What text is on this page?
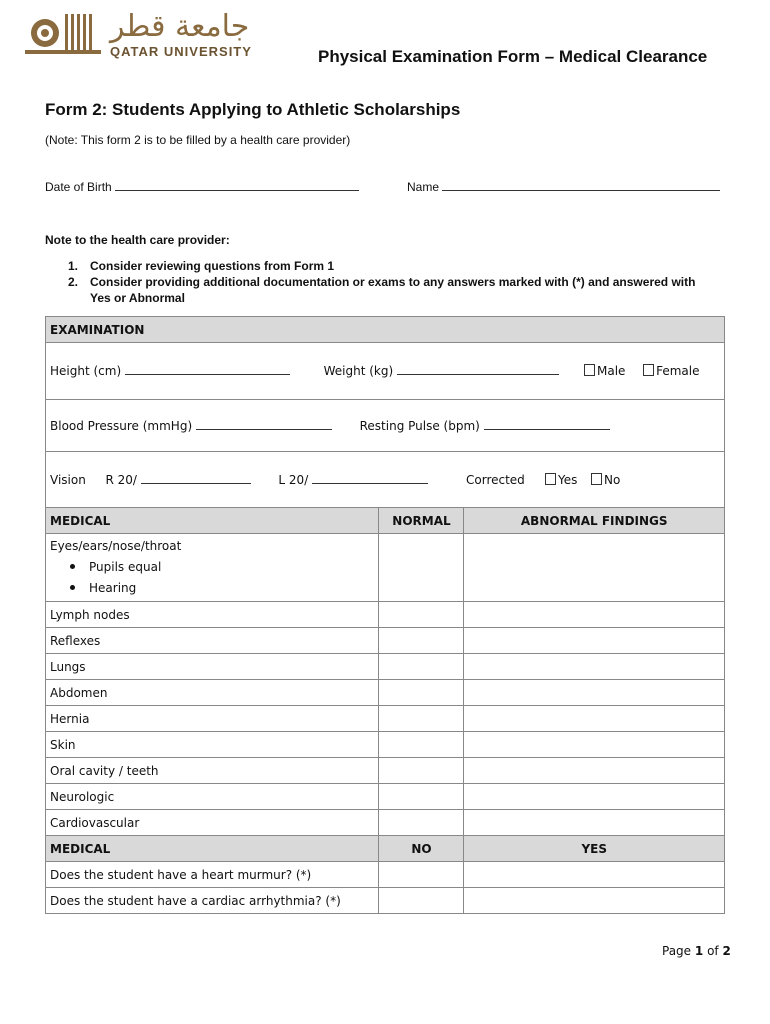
جامعة قطر
QATAR UNIVERSITY	Physical Examination Form – Medical Clearance
Form 2: Students Applying to Athletic Scholarships
(Note: This form 2 is to be filled by a health care provider)
Date of Birth	Name
Note to the health care provider:
1. Consider reviewing questions from Form 1
2. Consider providing additional documentation or exams to any answers marked with (*) and answered with Yes or Abnormal
EXAMINATION		
Height (cm) Weight (kg) Male Female		

Blood Pressure (mmHg) Resting Pulse (bpm)		
Vision R 20/ L 20/ Corrected Yes No		

MEDICAL	NORMAL	ABNORMAL FINDINGS

Eyes/ears/nose/throat
Pupils equal
Hearing		

Lymph nodes		
Reflexes		
Lungs		
Abdomen		
Hernia		
Skin		
Oral cavity / teeth		
Neurologic		
Cardiovascular		
MEDICAL	NO	YES
Does the student have a heart murmur? (*)		
Does the student have a cardiac arrhythmia? (*)		
Page 1 of 2
